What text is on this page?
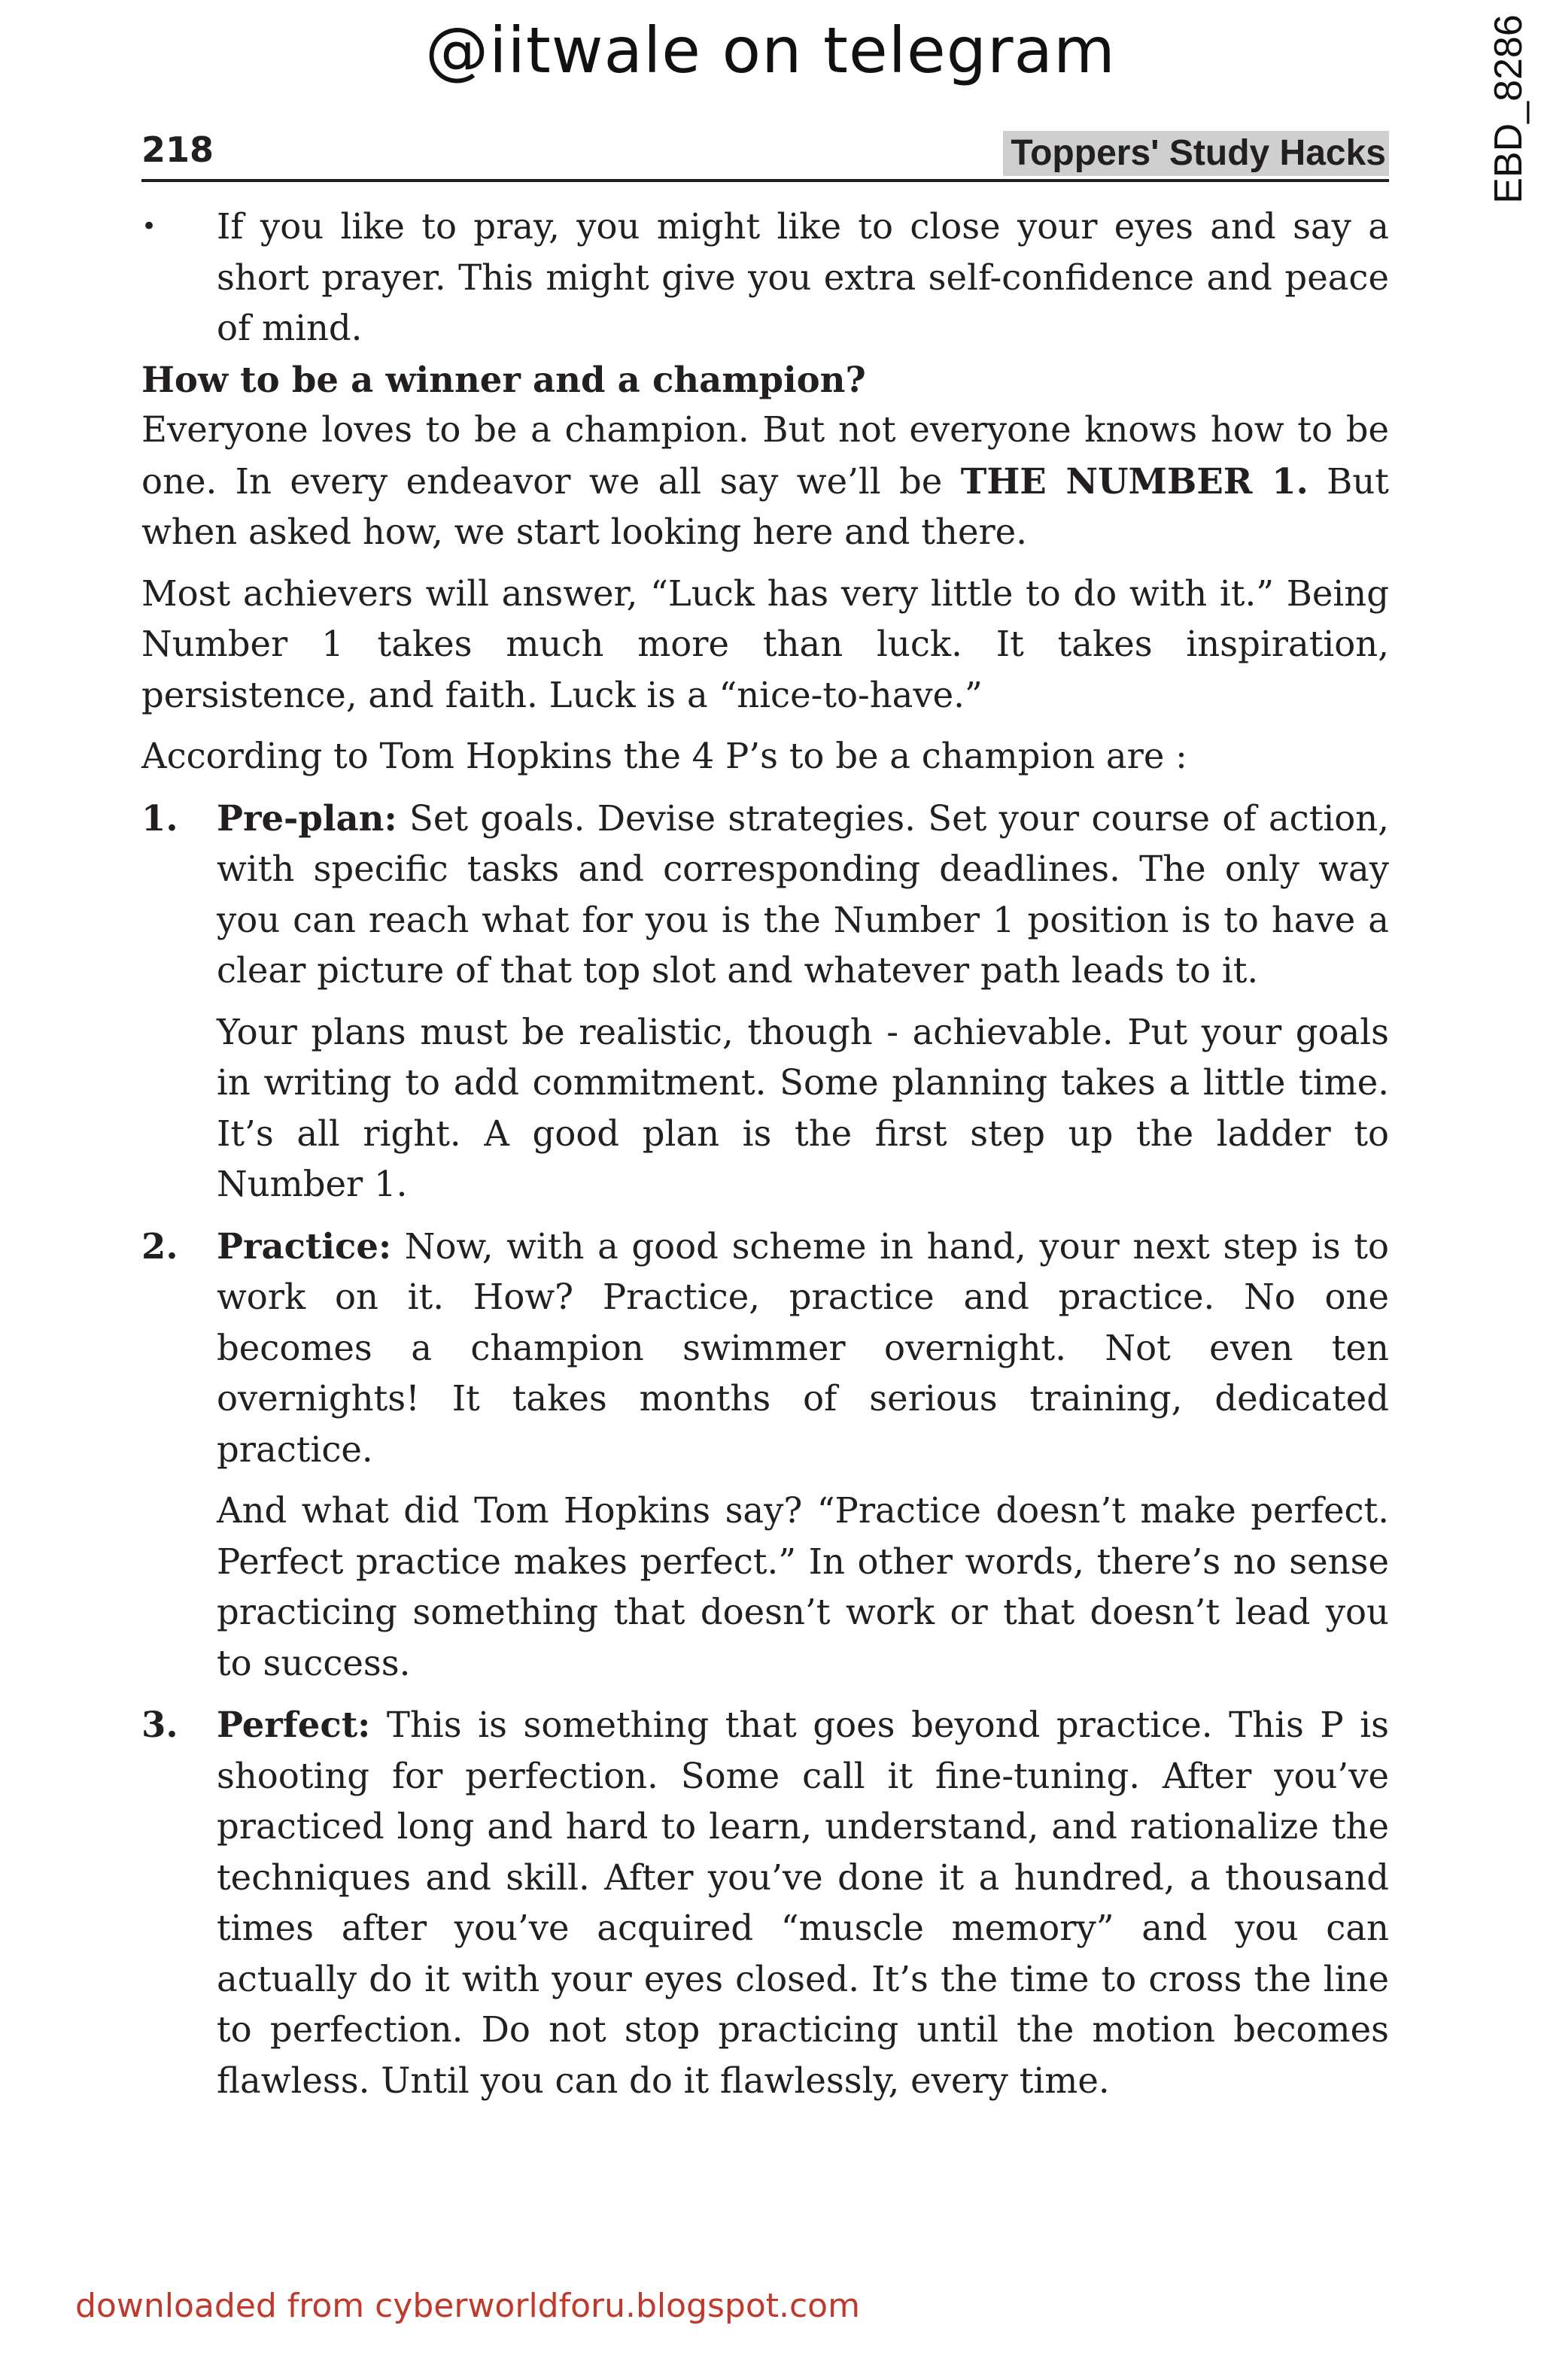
@iitwale on telegram	EBD_8286
218	Toppers' Study Hacks
•	If you like to pray, you might like to close your eyes and say a short prayer. This might give you extra self-confidence and peace of mind.

How to be a winner and a champion?

Everyone loves to be a champion. But not everyone knows how to be one. In every endeavor we all say we’ll be THE NUMBER 1. But when asked how, we start looking here and there.

Most achievers will answer, “Luck has very little to do with it.” Being Number 1 takes much more than luck. It takes inspiration, persistence, and faith. Luck is a “nice-to-have.”

According to Tom Hopkins the 4 P’s to be a champion are :

1.	Pre-plan: Set goals. Devise strategies. Set your course of action, with specific tasks and corresponding deadlines. The only way you can reach what for you is the Number 1 position is to have a clear picture of that top slot and whatever path leads to it.

Your plans must be realistic, though - achievable. Put your goals in writing to add commitment. Some planning takes a little time. It’s all right. A good plan is the first step up the ladder to Number 1.

2.	Practice: Now, with a good scheme in hand, your next step is to work on it. How? Practice, practice and practice. No one becomes a champion swimmer overnight. Not even ten overnights! It takes months of serious training, dedicated practice.

And what did Tom Hopkins say? “Practice doesn’t make perfect. Perfect practice makes perfect.” In other words, there’s no sense practicing something that doesn’t work or that doesn’t lead you to success.

3.	Perfect: This is something that goes beyond practice. This P is shooting for perfection. Some call it fine-tuning. After you’ve practiced long and hard to learn, understand, and rationalize the techniques and skill. After you’ve done it a hundred, a thousand times after you’ve acquired “muscle memory” and you can actually do it with your eyes closed. It’s the time to cross the line to perfection. Do not stop practicing until the motion becomes flawless. Until you can do it flawlessly, every time.

downloaded from cyberworldforu.blogspot.com
